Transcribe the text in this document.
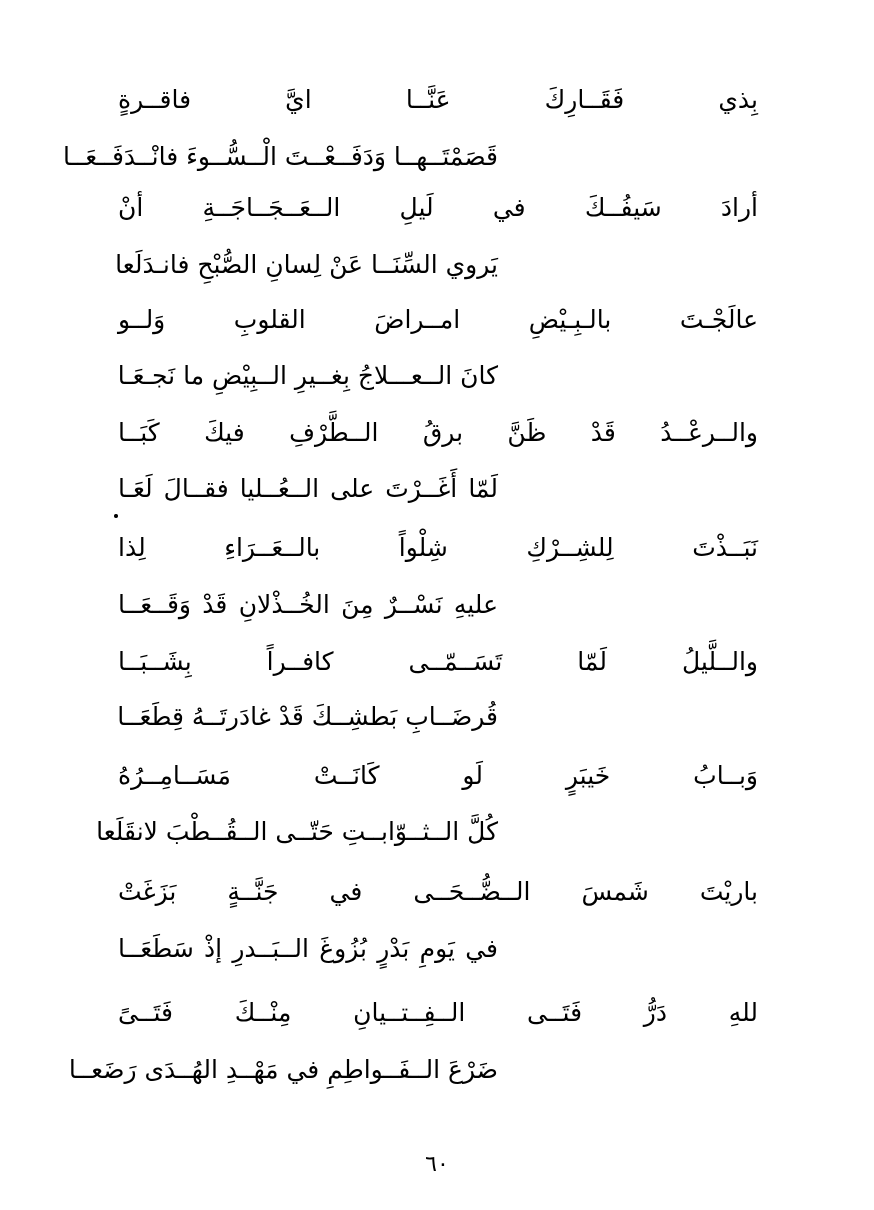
بِذي فَقَــارِكَ عَنَّــا ايَّ فاقــرةٍ
قَصَمْتَــهــا وَدَفَــعْــتَ الْــسُّــوءَ فانْــدَفَــعَــا
أرادَ سَيفُــكَ في لَيلِ الــعَــجَــاجَــةِ أنْ
يَروي السِّنَــا عَنْ لِسانِ الصُّبْحِ فانـدَلَعا
عالَجْـتَ بالـبِـيْضِ امــراضَ القلوبِ وَلــو
كانَ الــعـــلاجُ بِغــيرِ الــبِيْضِ ما نَجـعَـا
والــرعْــدُ قَدْ ظَنَّ برقُ الــطَّرْفِ فيكَ كَبَــا
لَمّا أَغَــرْتَ على الــعُــليا فقــالَ لَعَـا
نَبَــذْتَ لِلشِــرْكِ شِلْواً بالــعَــرَاءِ لِذا
عليهِ نَسْــرٌ مِنَ الخُــذْلانِ قَدْ وَقَــعَــا
والــلَّيلُ لَمّا تَسَــمّــى كافــراً بِشَــبَــا
قُرضَــابِ بَطشِــكَ قَدْ غادَرتَــهُ قِطَعَــا
وَبــابُ خَيبَرٍ لَو كَانَــتْ مَسَــامِــرُهُ
كُلَّ الــثــوّابــتِ حَتّــى الــقُــطْبَ لانقَلَعا
باريْتَ شَمسَ الــضُّــحَــى في جَنَّــةٍ بَزَغَتْ
في يَومِ بَدْرٍ بُزُوغَ الــبَــدرِ إذْ سَطَعَــا
للهِ دَرُّ فَتَــى الــفِــتــيانِ مِنْــكَ فَتَــىً
ضَرْعَ الــفَــواطِمِ في مَهْــدِ الهُــدَى رَضَعــا
٦٠
